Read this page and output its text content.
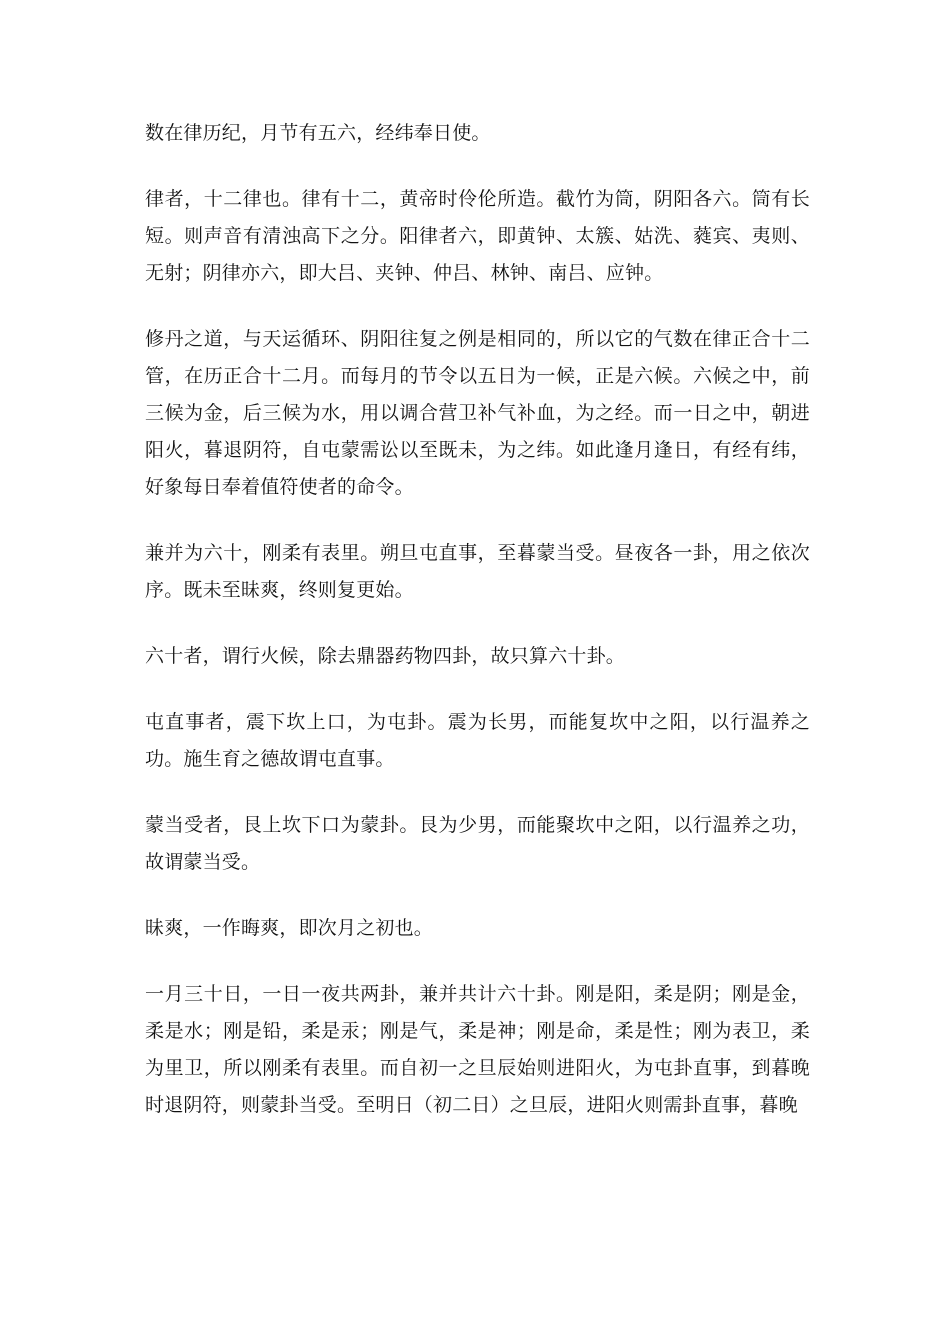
数在律历纪，月节有五六，经纬奉日使。

律者，十二律也。律有十二，黄帝时伶伦所造。截竹为筒，阴阳各六。筒有长短。则声音有清浊高下之分。阳律者六，即黄钟、太簇、姑洗、蕤宾、夷则、无射；阴律亦六，即大吕、夹钟、仲吕、林钟、南吕、应钟。

修丹之道，与天运循环、阴阳往复之例是相同的，所以它的气数在律正合十二管，在历正合十二月。而每月的节令以五日为一候，正是六候。六候之中，前三候为金，后三候为水，用以调合营卫补气补血，为之经。而一日之中，朝进阳火，暮退阴符，自屯蒙需讼以至既未，为之纬。如此逢月逢日，有经有纬，好象每日奉着值符使者的命令。

兼并为六十，刚柔有表里。朔旦屯直事，至暮蒙当受。昼夜各一卦，用之依次序。既未至昧爽，终则复更始。

六十者，谓行火候，除去鼎器药物四卦，故只算六十卦。

屯直事者，震下坎上口，为屯卦。震为长男，而能复坎中之阳，以行温养之功。施生育之德故谓屯直事。

蒙当受者，艮上坎下口为蒙卦。艮为少男，而能聚坎中之阳，以行温养之功，故谓蒙当受。

昧爽，一作晦爽，即次月之初也。

一月三十日，一日一夜共两卦，兼并共计六十卦。刚是阳，柔是阴；刚是金，柔是水；刚是铅，柔是汞；刚是气，柔是神；刚是命，柔是性；刚为表卫，柔为里卫，所以刚柔有表里。而自初一之旦辰始则进阳火，为屯卦直事，到暮晚时退阴符，则蒙卦当受。至明日（初二日）之旦辰，进阳火则需卦直事，暮晚
